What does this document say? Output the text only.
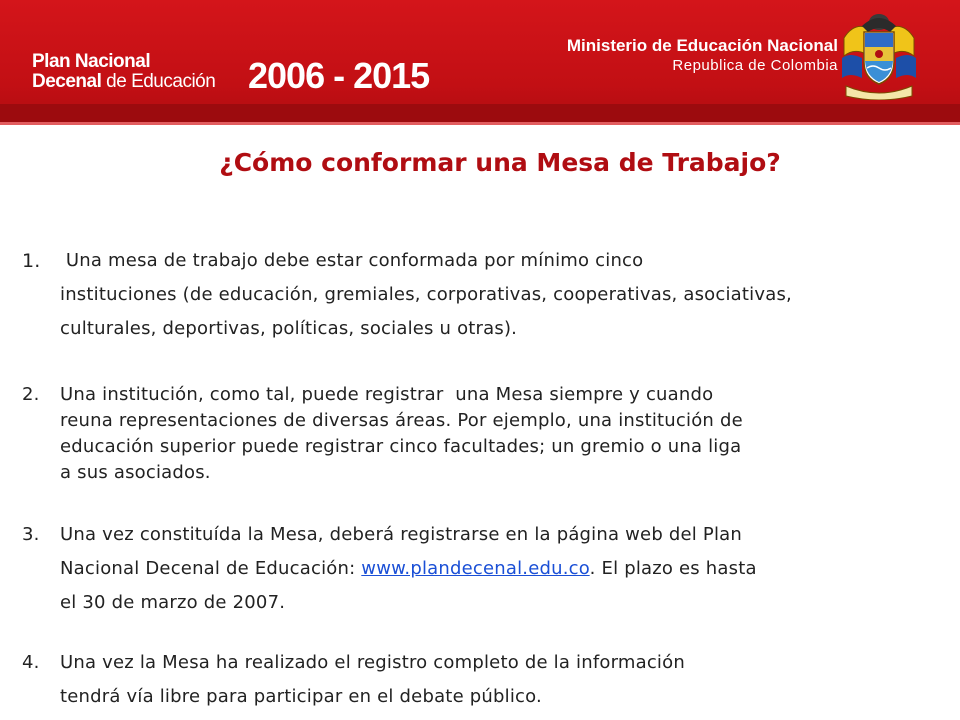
Plan Nacional
Decenal de Educación 2006 - 2015
Ministerio de Educación Nacional
Republica de Colombia
¿Cómo conformar una Mesa de Trabajo?
1. Una mesa de trabajo debe estar conformada por mínimo cinco
instituciones (de educación, gremiales, corporativas, cooperativas, asociativas,
culturales, deportivas, políticas, sociales u otras).
2. Una institución, como tal, puede registrar  una Mesa siempre y cuando
reuna representaciones de diversas áreas. Por ejemplo, una institución de
educación superior puede registrar cinco facultades; un gremio o una liga
a sus asociados.
3. Una vez constituída la Mesa, deberá registrarse en la página web del Plan
Nacional Decenal de Educación: www.plandecenal.edu.co. El plazo es hasta
el 30 de marzo de 2007.
4. Una vez la Mesa ha realizado el registro completo de la información
tendrá vía libre para participar en el debate público.
